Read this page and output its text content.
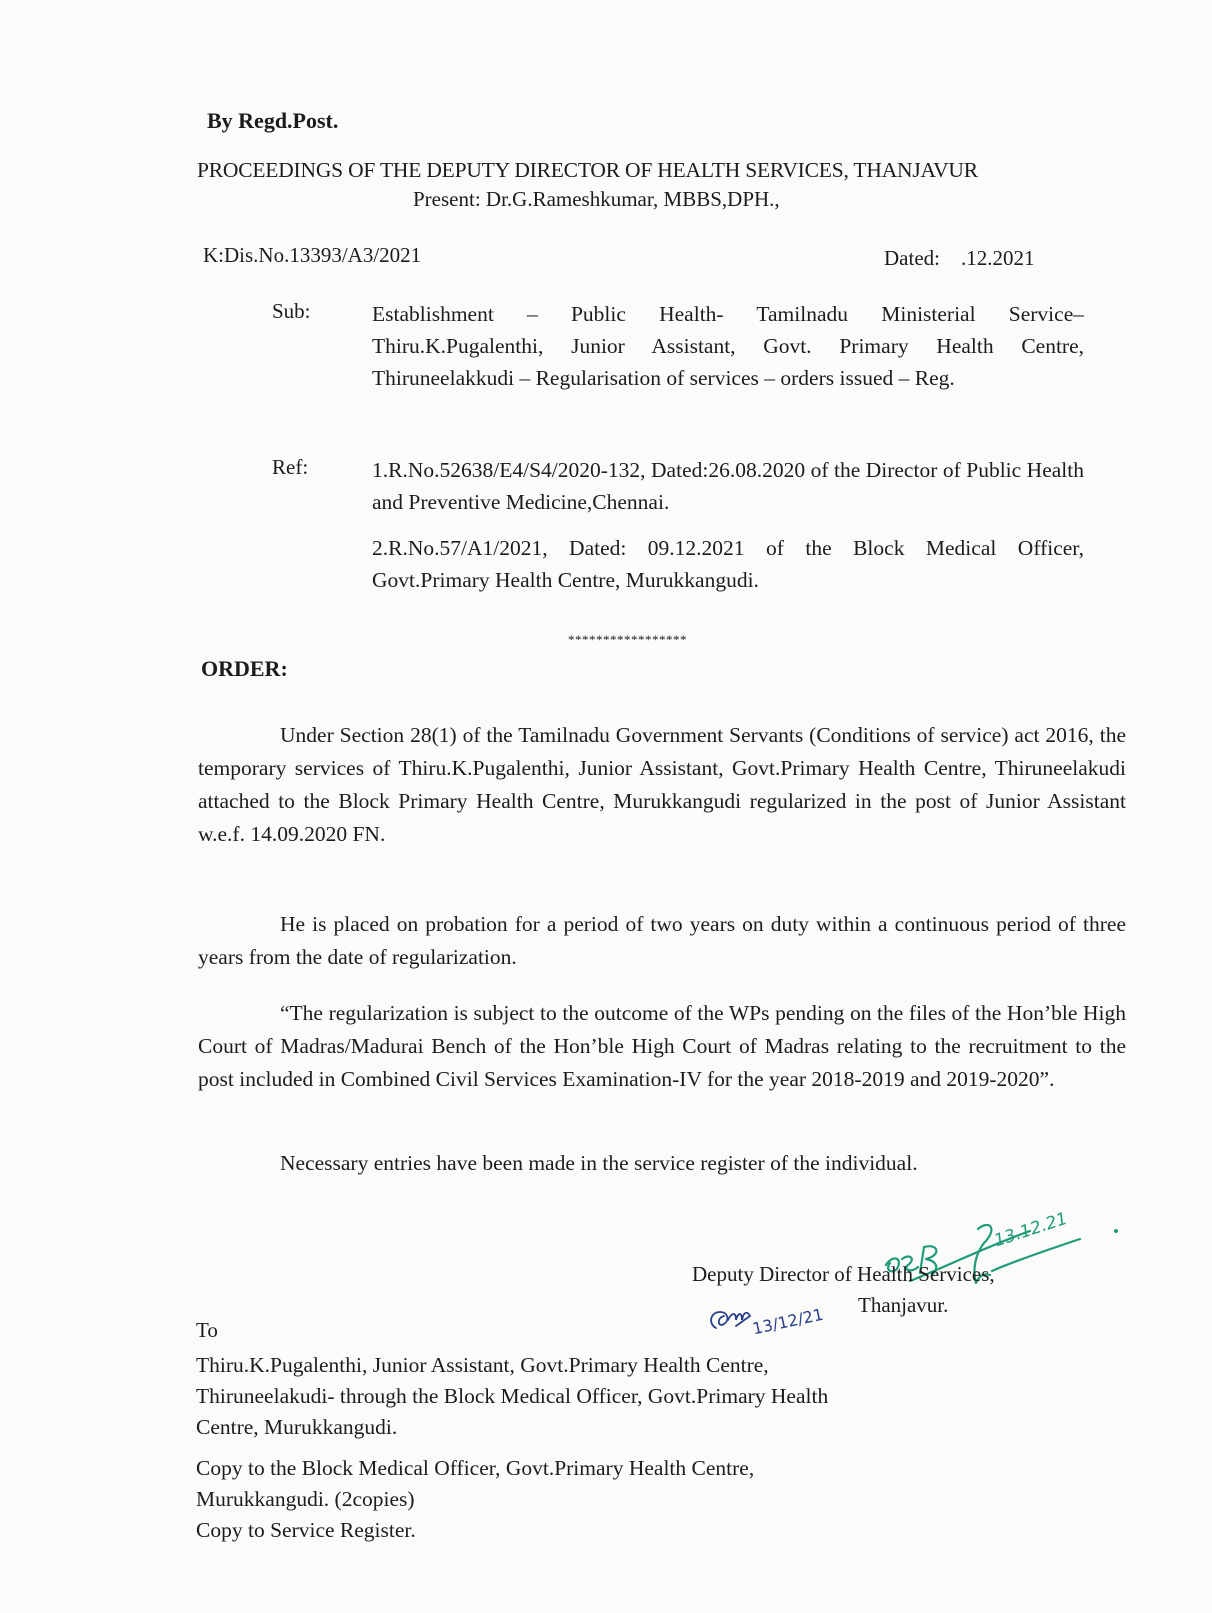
By Regd.Post.
PROCEEDINGS OF THE DEPUTY DIRECTOR OF HEALTH SERVICES, THANJAVUR
Present: Dr.G.Rameshkumar, MBBS,DPH.,
K:Dis.No.13393/A3/2021	Dated:    .12.2021
Sub:	Establishment – Public Health- Tamilnadu Ministerial Service– Thiru.K.Pugalenthi, Junior Assistant, Govt. Primary Health Centre, Thiruneelakkudi – Regularisation of services – orders issued – Reg.
Ref:	1.R.No.52638/E4/S4/2020-132, Dated:26.08.2020 of the Director of Public Health and Preventive Medicine,Chennai.
2.R.No.57/A1/2021, Dated: 09.12.2021 of the Block Medical Officer, Govt.Primary Health Centre, Murukkangudi.
*****************
ORDER:
Under Section 28(1) of the Tamilnadu Government Servants (Conditions of service) act 2016, the temporary services of Thiru.K.Pugalenthi, Junior Assistant, Govt.Primary Health Centre, Thiruneelakudi attached to the Block Primary Health Centre, Murukkangudi regularized in the post of Junior Assistant w.e.f. 14.09.2020 FN.
He is placed on probation for a period of two years on duty within a continuous period of three years from the date of regularization.
“The regularization is subject to the outcome of the WPs pending on the files of the Hon’ble High Court of Madras/Madurai Bench of the Hon’ble High Court of Madras relating to the recruitment to the post included in Combined Civil Services Examination-IV for the year 2018-2019 and 2019-2020”.
Necessary entries have been made in the service register of the individual.
13.12.21
Deputy Director of Health Services,
Thanjavur.
13/12/21
To
Thiru.K.Pugalenthi, Junior Assistant, Govt.Primary Health Centre,
Thiruneelakudi- through the Block Medical Officer, Govt.Primary Health
Centre, Murukkangudi.
Copy to the Block Medical Officer, Govt.Primary Health Centre,
Murukkangudi. (2copies)
Copy to Service Register.
